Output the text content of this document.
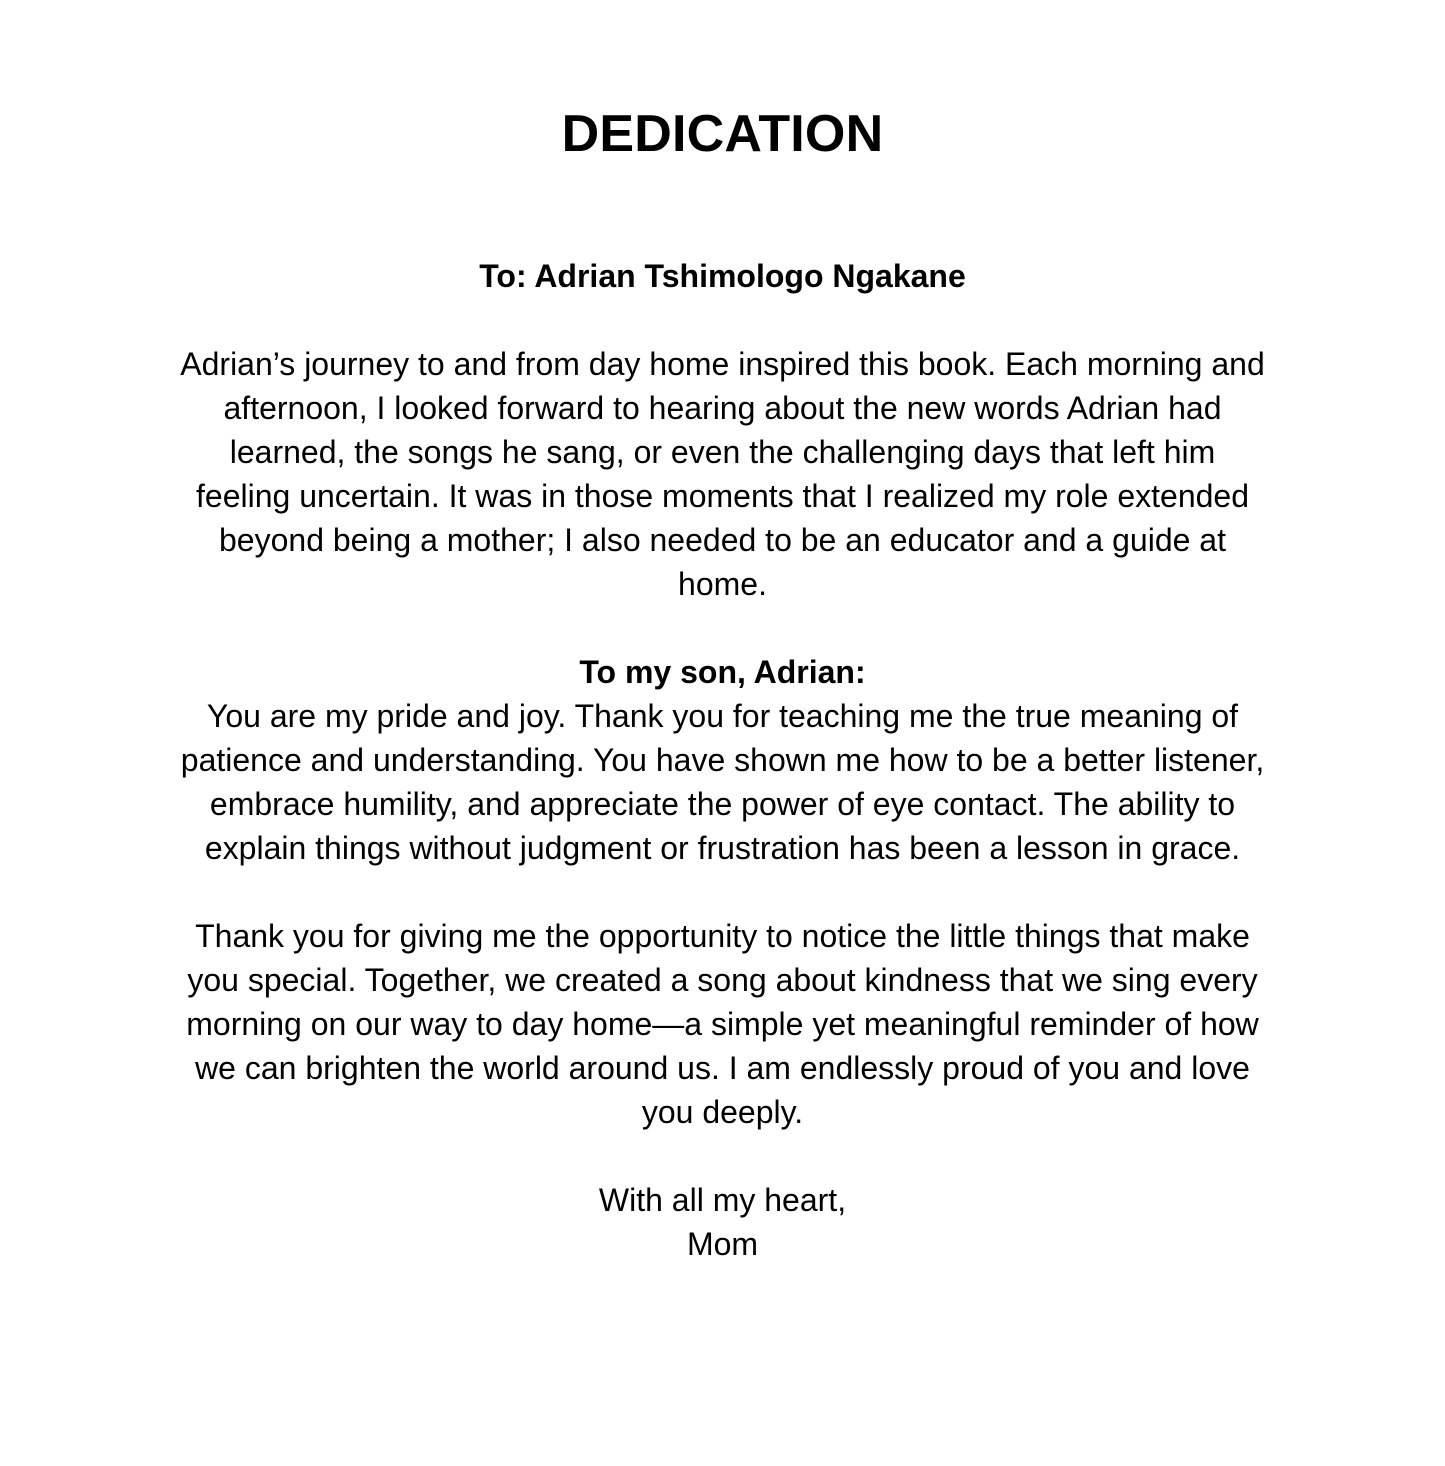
DEDICATION

To: Adrian Tshimologo Ngakane

Adrian’s journey to and from day home inspired this book. Each morning and afternoon, I looked forward to hearing about the new words Adrian had learned, the songs he sang, or even the challenging days that left him feeling uncertain. It was in those moments that I realized my role extended beyond being a mother; I also needed to be an educator and a guide at home.

To my son, Adrian:

You are my pride and joy. Thank you for teaching me the true meaning of patience and understanding. You have shown me how to be a better listener, embrace humility, and appreciate the power of eye contact. The ability to explain things without judgment or frustration has been a lesson in grace.

Thank you for giving me the opportunity to notice the little things that make you special. Together, we created a song about kindness that we sing every morning on our way to day home—a simple yet meaningful reminder of how we can brighten the world around us. I am endlessly proud of you and love you deeply.

With all my heart,

Mom
